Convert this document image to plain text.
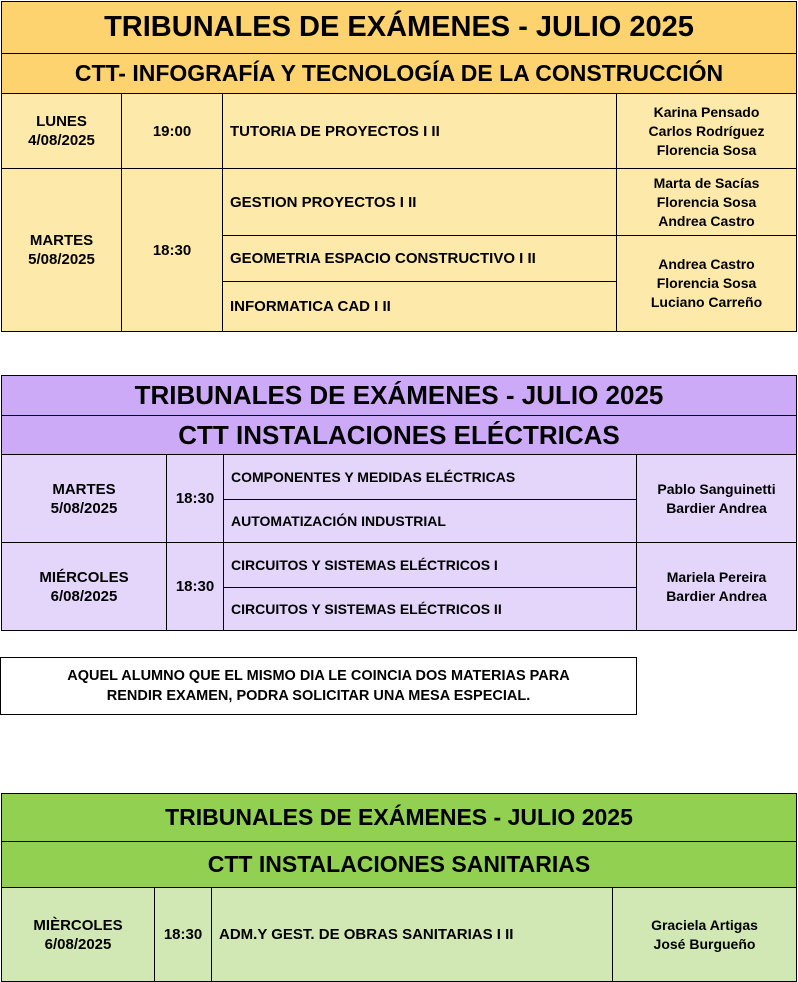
TRIBUNALES DE EXÁMENES - JULIO 2025
CTT- INFOGRAFÍA Y TECNOLOGÍA DE LA CONSTRUCCIÓN
LUNES
4/08/2025
19:00	TUTORIA DE PROYECTOS I II
Karina Pensado
Carlos Rodríguez
Florencia Sosa
MARTES
5/08/2025
18:30
GESTION PROYECTOS I II
GEOMETRIA ESPACIO CONSTRUCTIVO I II
INFORMATICA CAD I II
Marta de Sacías
Florencia Sosa
Andrea Castro
Andrea Castro
Florencia Sosa
Luciano Carreño
TRIBUNALES DE EXÁMENES - JULIO 2025
CTT INSTALACIONES ELÉCTRICAS
MARTES
5/08/2025
18:30
COMPONENTES Y MEDIDAS ELÉCTRICAS
AUTOMATIZACIÓN INDUSTRIAL
Pablo Sanguinetti
Bardier Andrea
MIÉRCOLES
6/08/2025
18:30
CIRCUITOS Y SISTEMAS ELÉCTRICOS I
CIRCUITOS Y SISTEMAS ELÉCTRICOS II
Mariela Pereira
Bardier Andrea
AQUEL ALUMNO QUE EL MISMO DIA LE COINCIA DOS MATERIAS PARA
RENDIR EXAMEN, PODRA SOLICITAR UNA MESA ESPECIAL.
TRIBUNALES DE EXÁMENES - JULIO 2025
CTT INSTALACIONES SANITARIAS
MIÈRCOLES
6/08/2025
18:30 ADM.Y GEST. DE OBRAS SANITARIAS I II
Graciela Artigas
José Burgueño
